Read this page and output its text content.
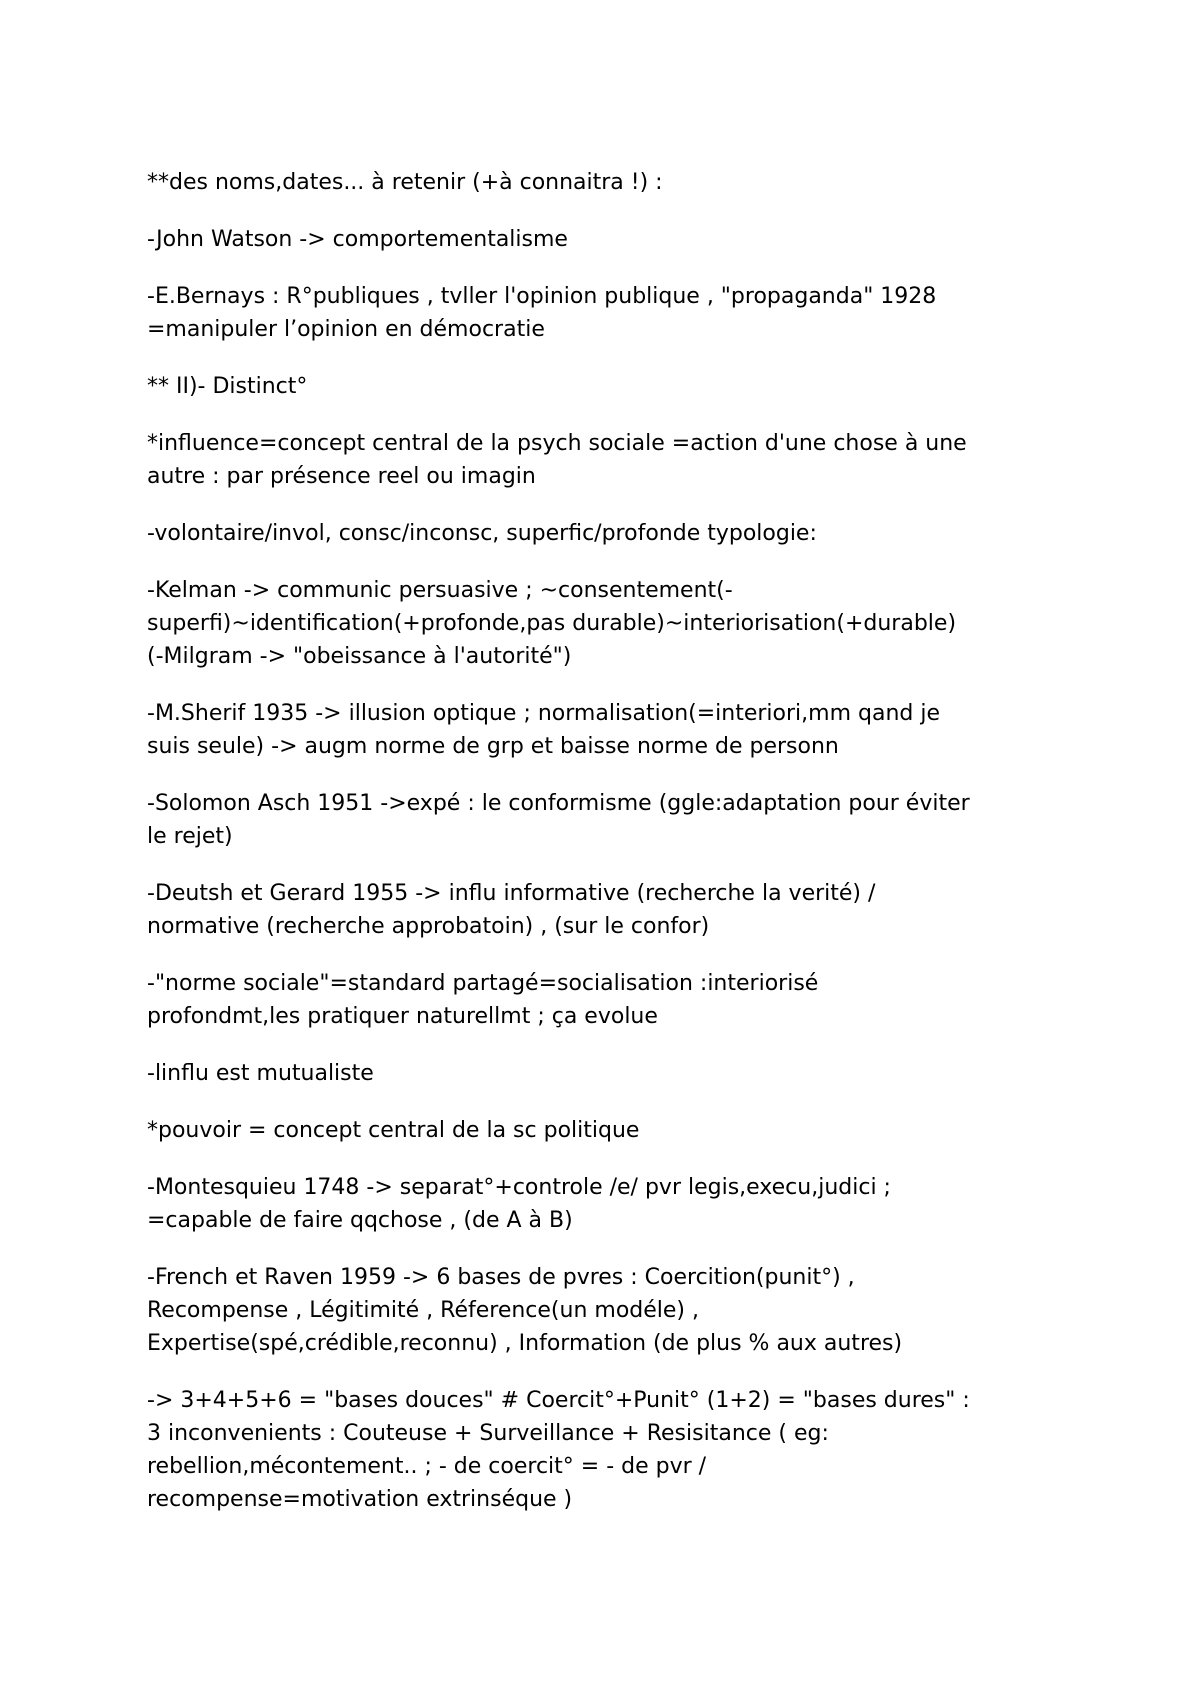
**des noms,dates... à retenir (+à connaitra !) :

-John Watson -> comportementalisme

-E.Bernays : R°publiques , tvller l'opinion publique , "propaganda" 1928
=manipuler l’opinion en démocratie

** II)- Distinct°

*influence=concept central de la psych sociale =action d'une chose à une
autre : par présence reel ou imagin

-volontaire/invol, consc/inconsc, superfic/profonde typologie:

-Kelman -> communic persuasive ; ~consentement(-
superfi)~identification(+profonde,pas durable)~interiorisation(+durable)
(-Milgram -> "obeissance à l'autorité")

-M.Sherif 1935 -> illusion optique ; normalisation(=interiori,mm qand je
suis seule) -> augm norme de grp et baisse norme de personn

-Solomon Asch 1951 ->expé : le conformisme (ggle:adaptation pour éviter
le rejet)

-Deutsh et Gerard 1955 -> influ informative (recherche la verité) /
normative (recherche approbatoin) , (sur le confor)

-"norme sociale"=standard partagé=socialisation :interiorisé
profondmt,les pratiquer naturellmt ; ça evolue

-linflu est mutualiste

*pouvoir = concept central de la sc politique

-Montesquieu 1748 -> separat°+controle /e/ pvr legis,execu,judici ;
=capable de faire qqchose , (de A à B)

-French et Raven 1959 -> 6 bases de pvres : Coercition(punit°) ,
Recompense , Légitimité , Réference(un modéle) ,
Expertise(spé,crédible,reconnu) , Information (de plus % aux autres)

-> 3+4+5+6 = "bases douces" # Coercit°+Punit° (1+2) = "bases dures" :
3 inconvenients : Couteuse + Surveillance + Resisitance ( eg:
rebellion,mécontement.. ; - de coercit° = - de pvr /
recompense=motivation extrinséque )
